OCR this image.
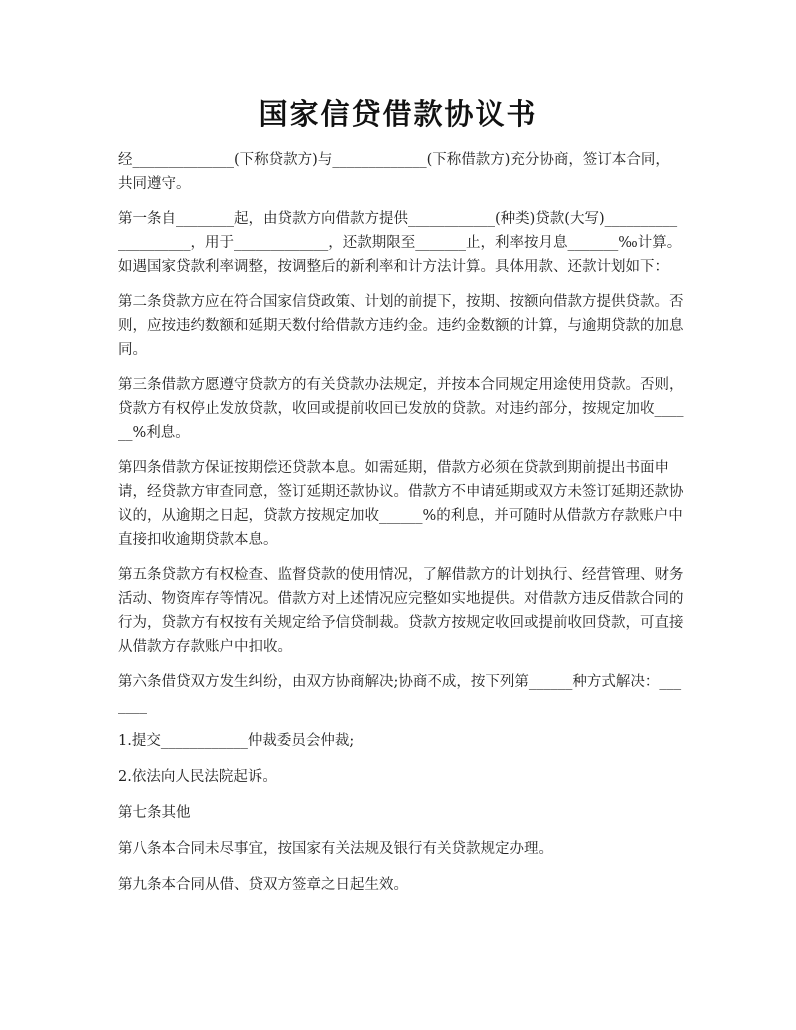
国家信贷借款协议书

经______________(下称贷款方)与_____________(下称借款方)充分协商，签订本合同，共同遵守。

第一条自________起，由贷款方向借款方提供____________(种类)贷款(大写)____________________，用于_____________，还款期限至_______止，利率按月息_______‰计算。如遇国家贷款利率调整，按调整后的新利率和计方法计算。具体用款、还款计划如下：

第二条贷款方应在符合国家信贷政策、计划的前提下，按期、按额向借款方提供贷款。否则，应按违约数额和延期天数付给借款方违约金。违约金数额的计算，与逾期贷款的加息同。

第三条借款方愿遵守贷款方的有关贷款办法规定，并按本合同规定用途使用贷款。否则，贷款方有权停止发放贷款，收回或提前收回已发放的贷款。对违约部分，按规定加收______%利息。

第四条借款方保证按期偿还贷款本息。如需延期，借款方必须在贷款到期前提出书面申请，经贷款方审查同意，签订延期还款协议。借款方不申请延期或双方未签订延期还款协议的，从逾期之日起，贷款方按规定加收______%的利息，并可随时从借款方存款账户中直接扣收逾期贷款本息。

第五条贷款方有权检查、监督贷款的使用情况，了解借款方的计划执行、经营管理、财务活动、物资库存等情况。借款方对上述情况应完整如实地提供。对借款方违反借款合同的行为，贷款方有权按有关规定给予信贷制裁。贷款方按规定收回或提前收回贷款，可直接从借款方存款账户中扣收。

第六条借贷双方发生纠纷，由双方协商解决;协商不成，按下列第______种方式解决：_______

1.提交____________仲裁委员会仲裁;

2.依法向人民法院起诉。

第七条其他

第八条本合同未尽事宜，按国家有关法规及银行有关贷款规定办理。

第九条本合同从借、贷双方签章之日起生效。
